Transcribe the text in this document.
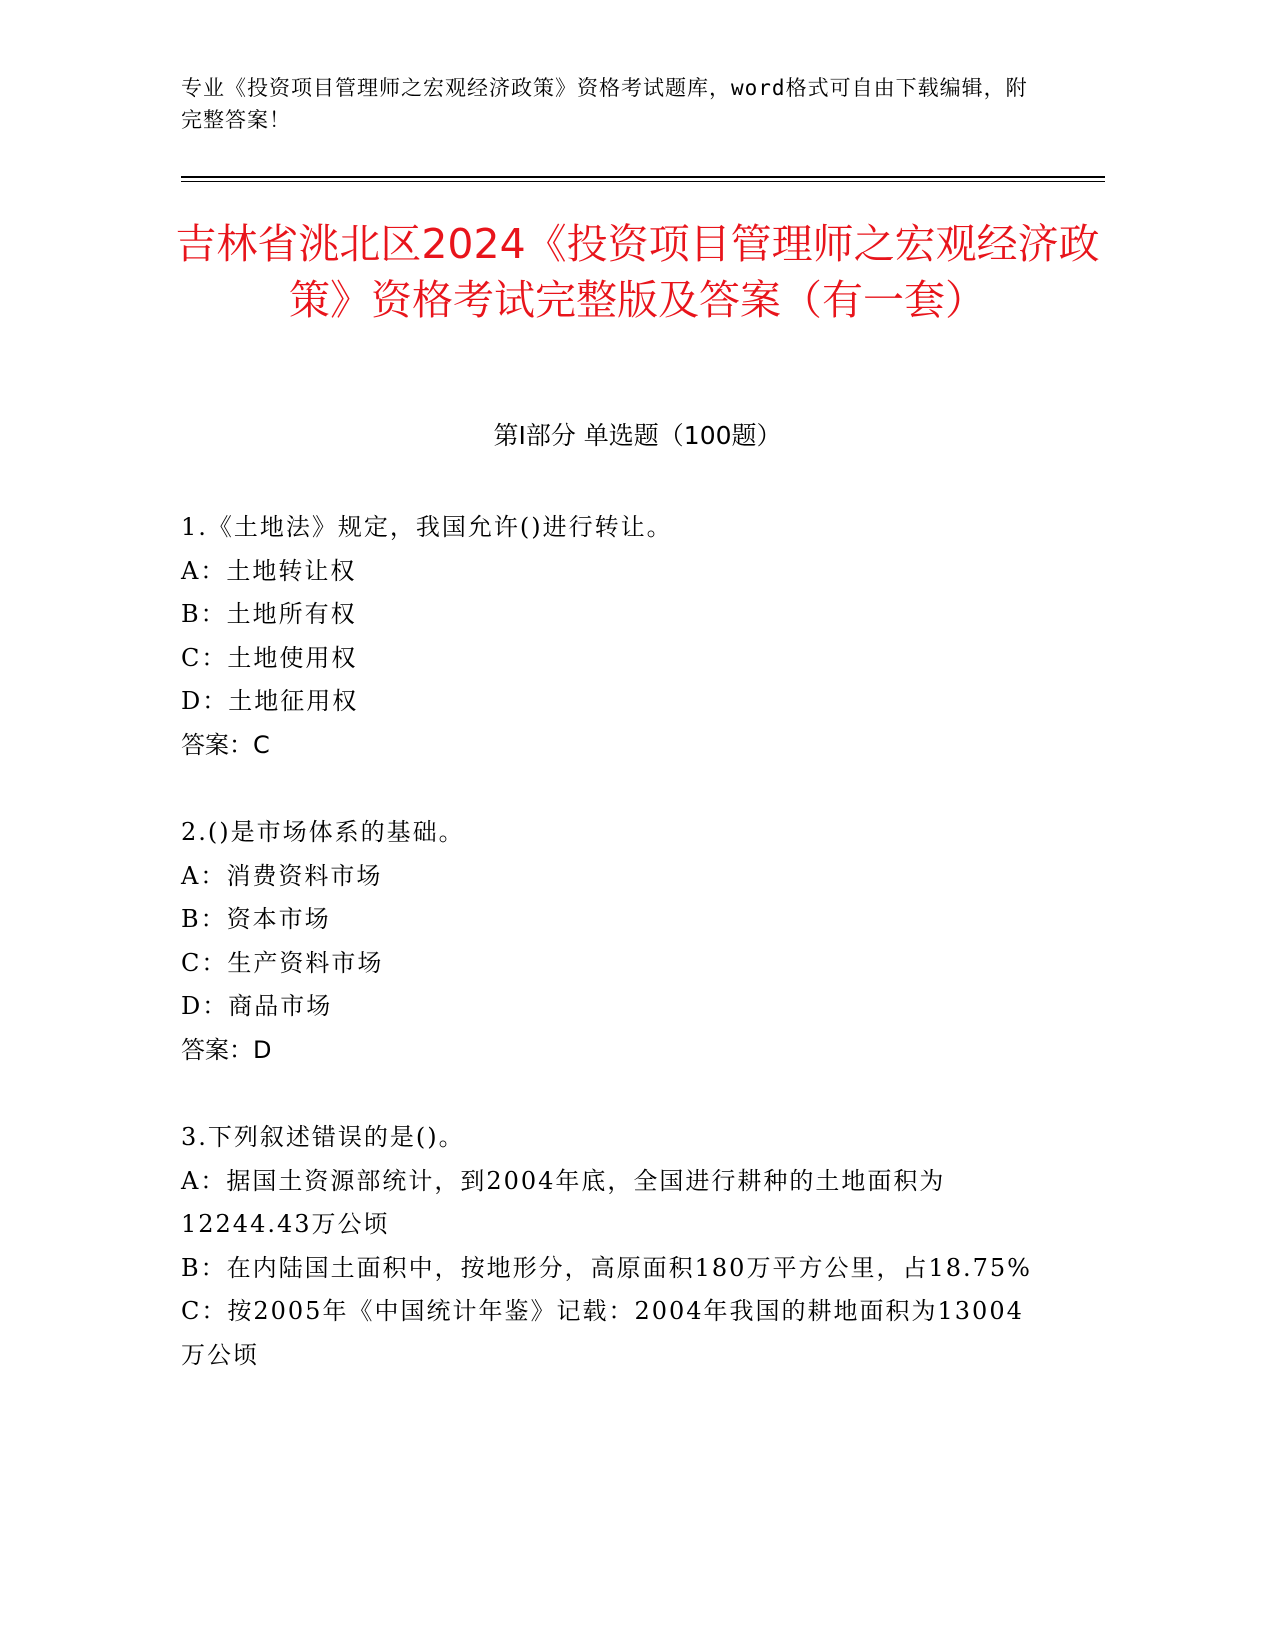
专业《投资项目管理师之宏观经济政策》资格考试题库，word格式可自由下载编辑，附完整答案！
吉林省洮北区2024《投资项目管理师之宏观经济政策》资格考试完整版及答案（有一套）
第I部分 单选题（100题）
1.《土地法》规定，我国允许()进行转让。
A：土地转让权
B：土地所有权
C：土地使用权
D：土地征用权
答案：C
2.()是市场体系的基础。
A：消费资料市场
B：资本市场
C：生产资料市场
D：商品市场
答案：D
3.下列叙述错误的是()。
A：据国土资源部统计，到2004年底，全国进行耕种的土地面积为12244.43万公顷
B：在内陆国土面积中，按地形分，高原面积180万平方公里，占18.75%
C：按2005年《中国统计年鉴》记载：2004年我国的耕地面积为13004万公顷
